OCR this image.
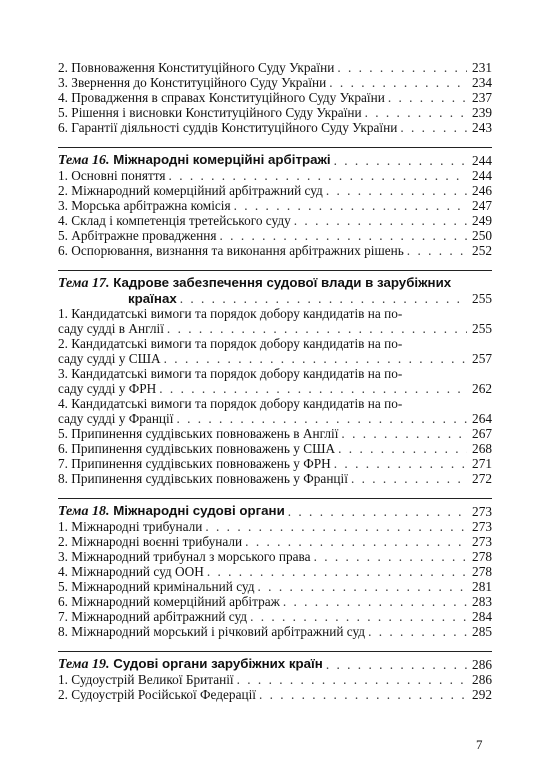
2. Повноваження Конституційного Суду України . . .	231
3. Звернення до Конституційного Суду України . . .	234
4. Провадження в справах Конституційного Суду України . . .	237
5. Рішення і висновки Конституційного Суду України . . .	239
6. Гарантії діяльності суддів Конституційного Суду України . . .	243
Тема 16. Міжнародні комерційні арбітражі . . .	244
1. Основні поняття . . .	244
2. Міжнародний комерційний арбітражний суд . . .	246
3. Морська арбітражна комісія . . .	247
4. Склад і компетенція третейського суду . . .	249
5. Арбітражне провадження . . .	250
6. Оспорювання, визнання та виконання арбітражних рішень . . .	252
Тема 17. Кадрове забезпечення судової влади в зарубіжних
країнах . . .	255
1. Кандидатські вимоги та порядок добору кандидатів на по-
саду судді в Англії . . .	255
2. Кандидатські вимоги та порядок добору кандидатів на по-
саду судді у США . . .	257
3. Кандидатські вимоги та порядок добору кандидатів на по-
саду судді у ФРН . . .	262
4. Кандидатські вимоги та порядок добору кандидатів на по-
саду судді у Франції . . .	264
5. Припинення суддівських повноважень в Англії . . .	267
6. Припинення суддівських повноважень у США . . .	268
7. Припинення суддівських повноважень у ФРН . . .	271
8. Припинення суддівських повноважень у Франції . . .	272
Тема 18. Міжнародні судові органи . . .	273
1. Міжнародні трибунали . . .	273
2. Міжнародні воєнні трибунали . . .	273
3. Міжнародний трибунал з морського права . . .	278
4. Міжнародний суд ООН . . .	278
5. Міжнародний кримінальний суд . . .	281
6. Міжнародний комерційний арбітраж . . .	283
7. Міжнародний арбітражний суд . . .	284
8. Міжнародний морський і річковий арбітражний суд . . .	285
Тема 19. Судові органи зарубіжних країн . . .	286
1. Судоустрій Великої Британії . . .	286
2. Судоустрій Російської Федерації . . .	292
7
